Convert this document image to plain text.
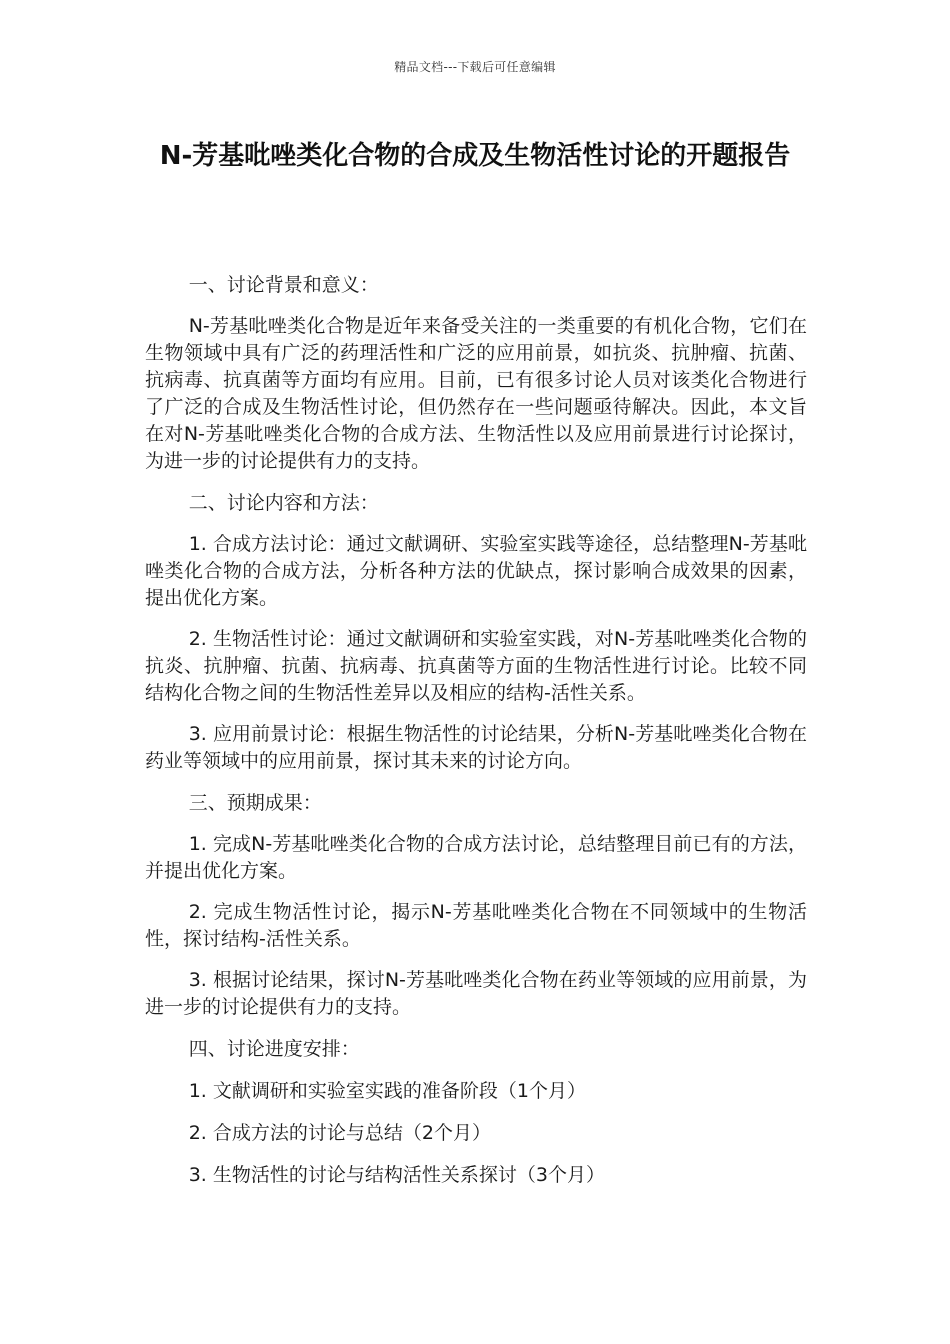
精品文档---下载后可任意编辑
N-芳基吡唑类化合物的合成及生物活性讨论的开题报告

一、讨论背景和意义：

N-芳基吡唑类化合物是近年来备受关注的一类重要的有机化合物，它们在生物领域中具有广泛的药理活性和广泛的应用前景，如抗炎、抗肿瘤、抗菌、抗病毒、抗真菌等方面均有应用。目前，已有很多讨论人员对该类化合物进行了广泛的合成及生物活性讨论，但仍然存在一些问题亟待解决。因此，本文旨在对N-芳基吡唑类化合物的合成方法、生物活性以及应用前景进行讨论探讨，为进一步的讨论提供有力的支持。

二、讨论内容和方法：

1. 合成方法讨论：通过文献调研、实验室实践等途径，总结整理N-芳基吡唑类化合物的合成方法，分析各种方法的优缺点，探讨影响合成效果的因素，提出优化方案。

2. 生物活性讨论：通过文献调研和实验室实践，对N-芳基吡唑类化合物的抗炎、抗肿瘤、抗菌、抗病毒、抗真菌等方面的生物活性进行讨论。比较不同结构化合物之间的生物活性差异以及相应的结构-活性关系。

3. 应用前景讨论：根据生物活性的讨论结果，分析N-芳基吡唑类化合物在药业等领域中的应用前景，探讨其未来的讨论方向。

三、预期成果：

1. 完成N-芳基吡唑类化合物的合成方法讨论，总结整理目前已有的方法，并提出优化方案。

2. 完成生物活性讨论，揭示N-芳基吡唑类化合物在不同领域中的生物活性，探讨结构-活性关系。

3. 根据讨论结果，探讨N-芳基吡唑类化合物在药业等领域的应用前景，为进一步的讨论提供有力的支持。

四、讨论进度安排：

1. 文献调研和实验室实践的准备阶段（1个月）

2. 合成方法的讨论与总结（2个月）

3. 生物活性的讨论与结构活性关系探讨（3个月）
